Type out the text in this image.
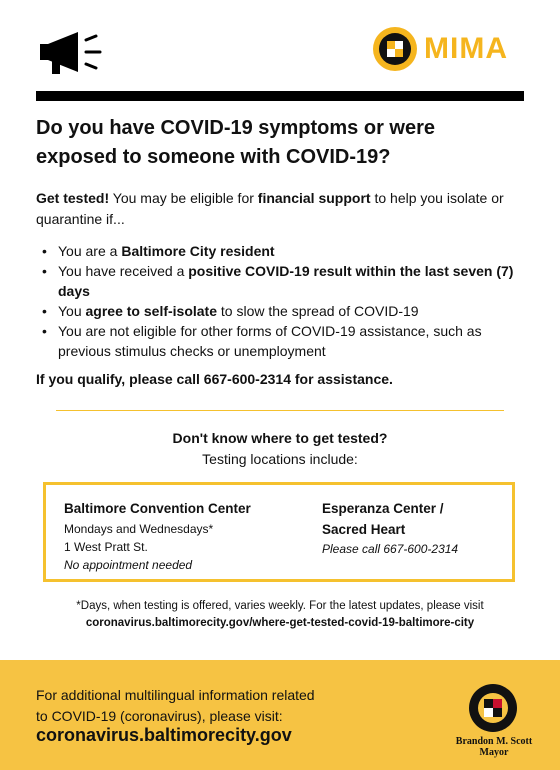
MIMA
Do you have COVID-19 symptoms or were exposed to someone with COVID-19?
Get tested! You may be eligible for financial support to help you isolate or quarantine if...
• You are a Baltimore City resident
• You have received a positive COVID-19 result within the last seven (7) days
• You agree to self-isolate to slow the spread of COVID-19
• You are not eligible for other forms of COVID-19 assistance, such as previous stimulus checks or unemployment
If you qualify, please call 667-600-2314 for assistance.
Don't know where to get tested?
Testing locations include:
Baltimore Convention Center
Mondays and Wednesdays*
1 West Pratt St.
No appointment needed
Esperanza Center /
Sacred Heart
Please call 667-600-2314
*Days, when testing is offered, varies weekly. For the latest updates, please visit
coronavirus.baltimorecity.gov/where-get-tested-covid-19-baltimore-city
For additional multilingual information related
to COVID-19 (coronavirus), please visit:
coronavirus.baltimorecity.gov	Brandon M. Scott
Mayor
